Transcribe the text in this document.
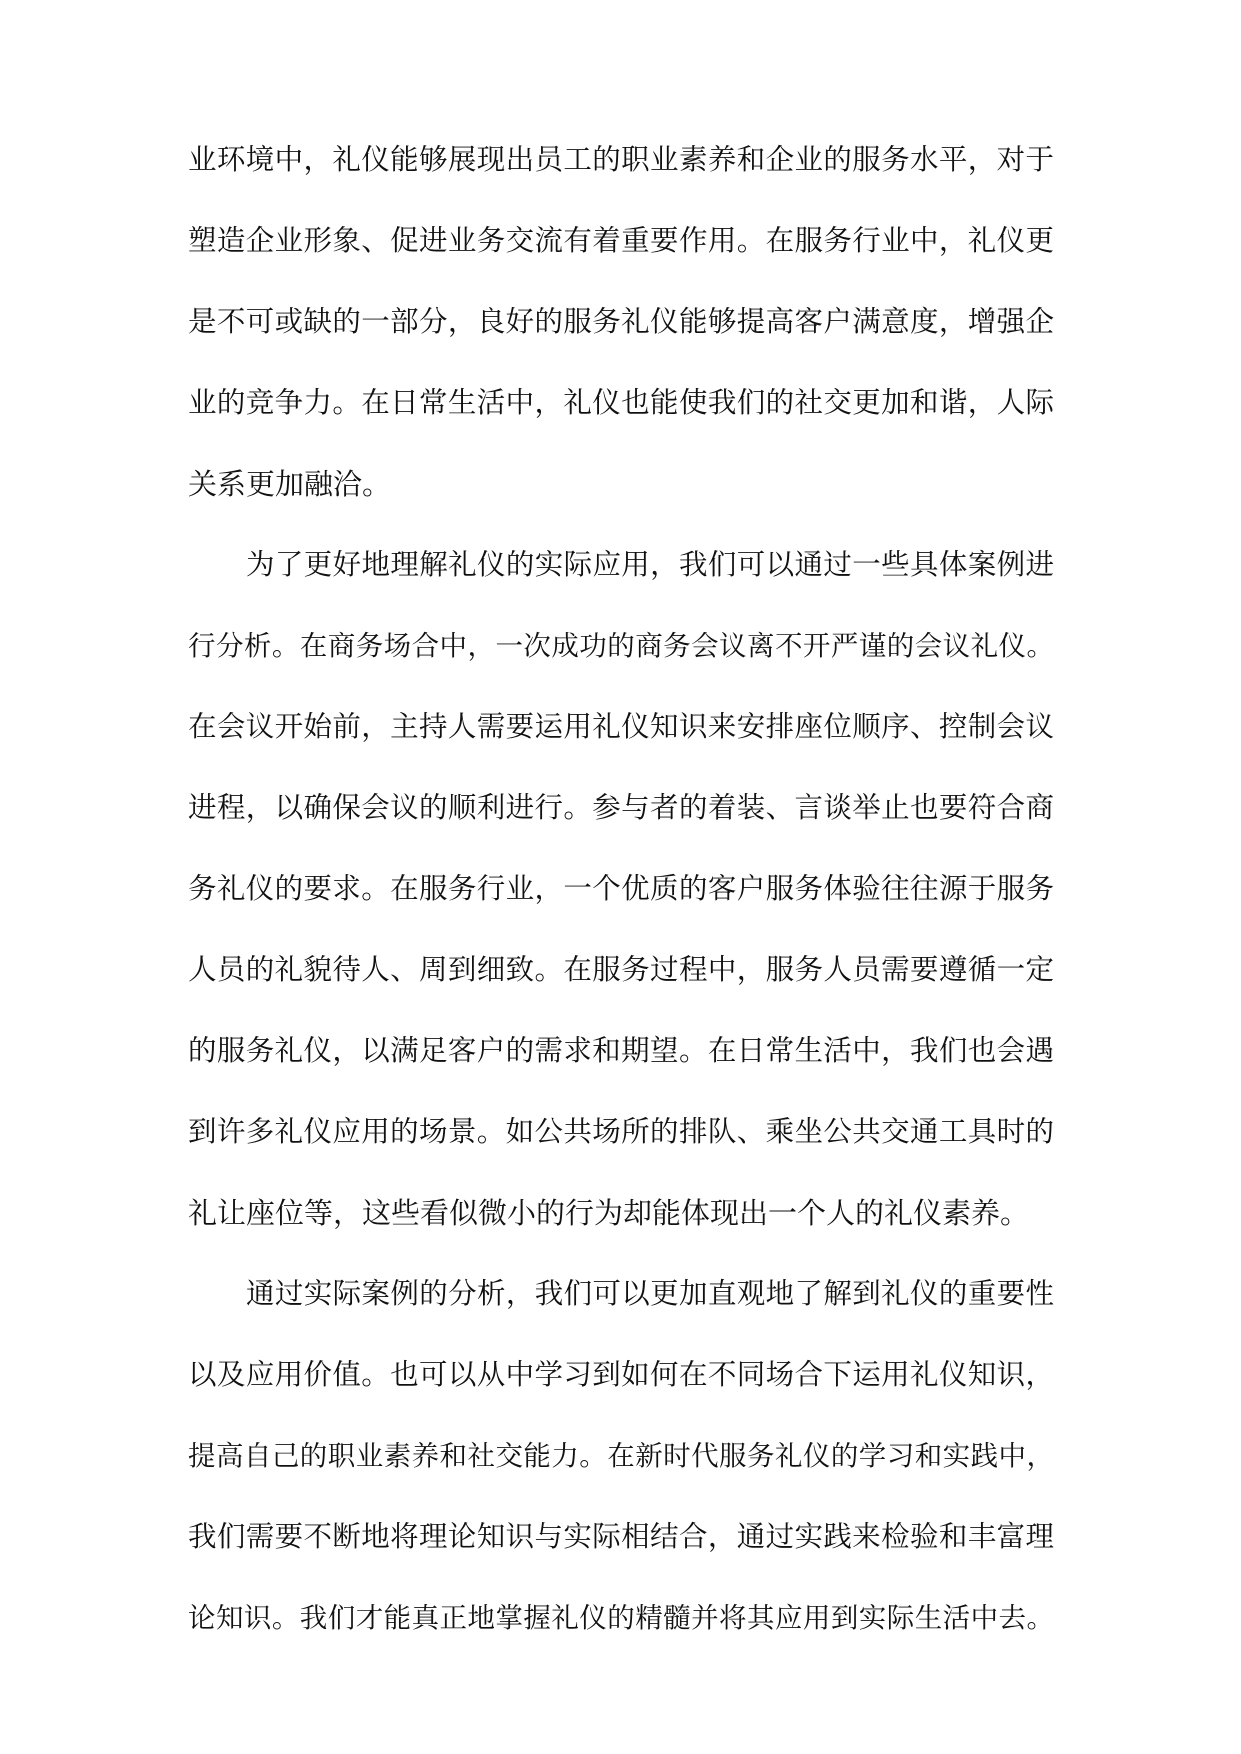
业环境中，礼仪能够展现出员工的职业素养和企业的服务水平，对于
塑造企业形象、促进业务交流有着重要作用。在服务行业中，礼仪更
是不可或缺的一部分，良好的服务礼仪能够提高客户满意度，增强企
业的竞争力。在日常生活中，礼仪也能使我们的社交更加和谐，人际
关系更加融洽。
为了更好地理解礼仪的实际应用，我们可以通过一些具体案例进
行分析。在商务场合中，一次成功的商务会议离不开严谨的会议礼仪。
在会议开始前，主持人需要运用礼仪知识来安排座位顺序、控制会议
进程，以确保会议的顺利进行。参与者的着装、言谈举止也要符合商
务礼仪的要求。在服务行业，一个优质的客户服务体验往往源于服务
人员的礼貌待人、周到细致。在服务过程中，服务人员需要遵循一定
的服务礼仪，以满足客户的需求和期望。在日常生活中，我们也会遇
到许多礼仪应用的场景。如公共场所的排队、乘坐公共交通工具时的
礼让座位等，这些看似微小的行为却能体现出一个人的礼仪素养。
通过实际案例的分析，我们可以更加直观地了解到礼仪的重要性
以及应用价值。也可以从中学习到如何在不同场合下运用礼仪知识，
提高自己的职业素养和社交能力。在新时代服务礼仪的学习和实践中，
我们需要不断地将理论知识与实际相结合，通过实践来检验和丰富理
论知识。我们才能真正地掌握礼仪的精髓并将其应用到实际生活中去。
